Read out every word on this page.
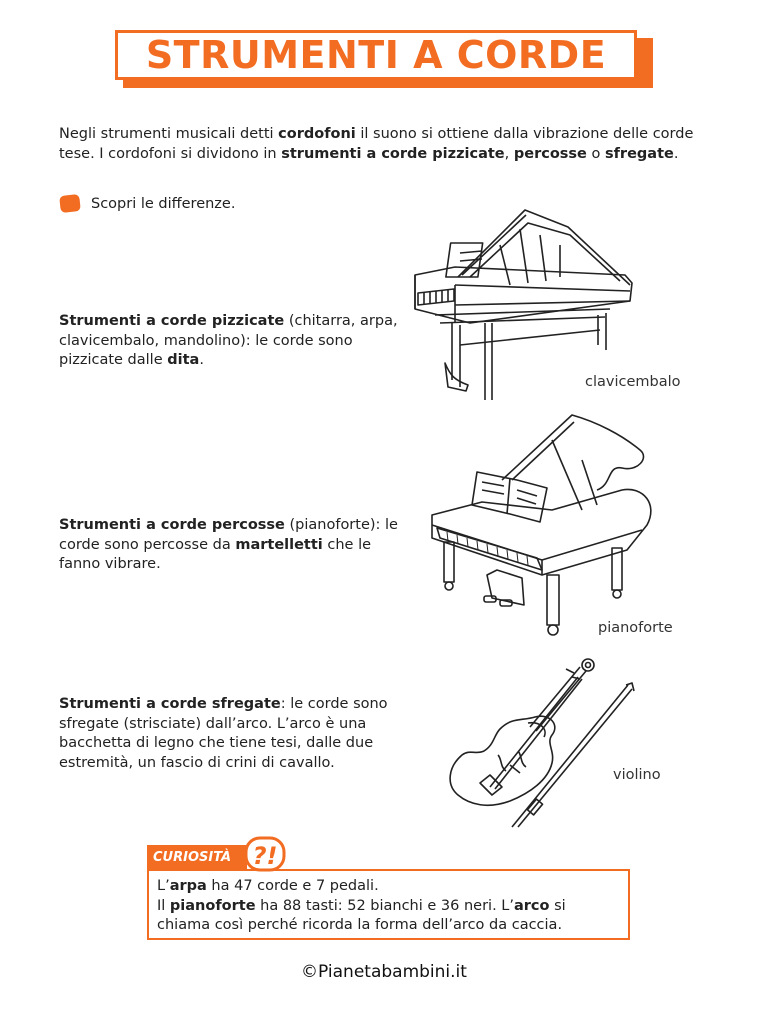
STRUMENTI A CORDE
Negli strumenti musicali detti cordofoni il suono si ottiene dalla vibrazione delle corde tese. I cordofoni si dividono in strumenti a corde pizzicate, percosse o sfregate.
Scopri le differenze.
Strumenti a corde pizzicate (chitarra, arpa, clavicembalo, mandolino): le corde sono pizzicate dalle dita.
clavicembalo
Strumenti a corde percosse (pianoforte): le corde sono percosse da martelletti che le fanno vibrare.
pianoforte
Strumenti a corde sfregate: le corde sono sfregate (strisciate) dall’arco. L’arco è una bacchetta di legno che tiene tesi, dalle due estremità, un fascio di crini di cavallo.
violino
CURIOSITÀ ?!
L’arpa ha 47 corde e 7 pedali.
Il pianoforte ha 88 tasti: 52 bianchi e 36 neri. L’arco si chiama così perché ricorda la forma dell’arco da caccia.
©Pianetabambini.it
